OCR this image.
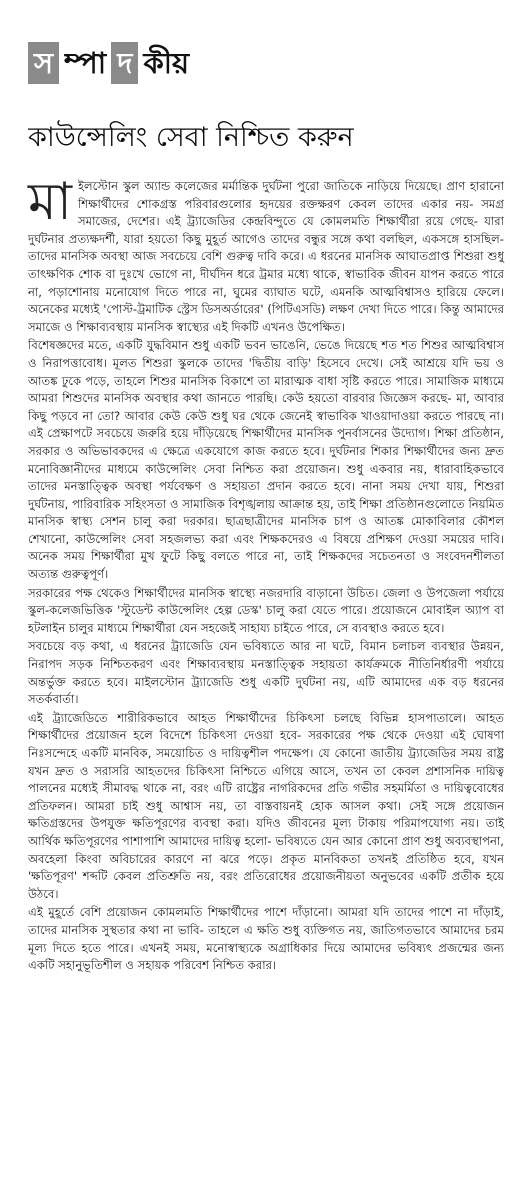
স ম্পা দ কীয়
কাউন্সেলিং সেবা নিশ্চিত করুন

মাইলস্টোন স্কুল অ্যান্ড কলেজের মর্মান্তিক দুর্ঘটনা পুরো জাতিকে নাড়িয়ে দিয়েছে। প্রাণ হারানো শিক্ষার্থীদের শোকগ্রস্ত পরিবারগুলোর হৃদয়ের রক্তক্ষরণ কেবল তাদের একার নয়- সমগ্র সমাজের, দেশের। এই ট্র্যাজেডির কেন্দ্রবিন্দুতে যে কোমলমতি শিক্ষার্থীরা রয়ে গেছে- যারা দুর্ঘটনার প্রত্যক্ষদর্শী, যারা হয়তো কিছু মুহূর্ত আগেও তাদের বন্ধুর সঙ্গে কথা বলছিল, একসঙ্গে হাসছিল- তাদের মানসিক অবস্থা আজ সবচেয়ে বেশি গুরুত্ব দাবি করে। এ ধরনের মানসিক আঘাতপ্রাপ্ত শিশুরা শুধু তাৎক্ষণিক শোক বা দুঃখে ভোগে না, দীর্ঘদিন ধরে ট্রমার মধ্যে থাকে, স্বাভাবিক জীবন যাপন করতে পারে না, পড়াশোনায় মনোযোগ দিতে পারে না, ঘুমের ব্যাঘাত ঘটে, এমনকি আত্মবিশ্বাসও হারিয়ে ফেলে। অনেকের মধ্যেই 'পোস্ট-ট্রমাটিক স্ট্রেস ডিসঅর্ডারের' (পিটিএসডি) লক্ষণ দেখা দিতে পারে। কিন্তু আমাদের সমাজে ও শিক্ষাব্যবস্থায় মানসিক স্বাস্থ্যের এই দিকটি এখনও উপেক্ষিত।

বিশেষজ্ঞদের মতে, একটি যুদ্ধবিমান শুধু একটি ভবন ভাঙেনি, ভেঙে দিয়েছে শত শত শিশুর আত্মবিশ্বাস ও নিরাপত্তাবোধ। মূলত শিশুরা স্কুলকে তাদের 'দ্বিতীয় বাড়ি' হিসেবে দেখে। সেই আশ্রয়ে যদি ভয় ও আতঙ্ক ঢুকে পড়ে, তাহলে শিশুর মানসিক বিকাশে তা মারাত্মক বাধা সৃষ্টি করতে পারে। সামাজিক মাধ্যমে আমরা শিশুদের মানসিক অবস্থার কথা জানতে পারছি। কেউ হয়তো বারবার জিজ্ঞেস করছে- মা, আবার কিছু পড়বে না তো? আবার কেউ কেউ শুধু ঘর থেকে জেনেই স্বাভাবিক খাওয়াদাওয়া করতে পারছে না। এই প্রেক্ষাপটে সবচেয়ে জরুরি হয়ে দাঁড়িয়েছে শিক্ষার্থীদের মানসিক পুনর্বাসনের উদ্যোগ। শিক্ষা প্রতিষ্ঠান, সরকার ও অভিভাবকদের এ ক্ষেত্রে একযোগে কাজ করতে হবে। দুর্ঘটনার শিকার শিক্ষার্থীদের জন্য দ্রুত মনোবিজ্ঞানীদের মাধ্যমে কাউন্সেলিং সেবা নিশ্চিত করা প্রয়োজন। শুধু একবার নয়, ধারাবাহিকভাবে তাদের মনস্তাত্ত্বিক অবস্থা পর্যবেক্ষণ ও সহায়তা প্রদান করতে হবে। নানা সময় দেখা যায়, শিশুরা দুর্ঘটনায়, পারিবারিক সহিংসতা ও সামাজিক বিশৃঙ্খলায় আক্রান্ত হয়, তাই শিক্ষা প্রতিষ্ঠানগুলোতে নিয়মিত মানসিক স্বাস্থ্য সেশন চালু করা দরকার। ছাত্রছাত্রীদের মানসিক চাপ ও আতঙ্ক মোকাবিলার কৌশল শেখানো, কাউন্সেলিং সেবা সহজলভ্য করা এবং শিক্ষকদেরও এ বিষয়ে প্রশিক্ষণ দেওয়া সময়ের দাবি। অনেক সময় শিক্ষার্থীরা মুখ ফুটে কিছু বলতে পারে না, তাই শিক্ষকদের সচেতনতা ও সংবেদনশীলতা অত্যন্ত গুরুত্বপূর্ণ।

সরকারের পক্ষ থেকেও শিক্ষার্থীদের মানসিক স্বাস্থ্যে নজরদারি বাড়ানো উচিত। জেলা ও উপজেলা পর্যায়ে স্কুল-কলেজভিত্তিক 'স্টুডেন্ট কাউন্সেলিং হেল্প ডেস্ক' চালু করা যেতে পারে। প্রয়োজনে মোবাইল অ্যাপ বা হটলাইন চালুর মাধ্যমে শিক্ষার্থীরা যেন সহজেই সাহায্য চাইতে পারে, সে ব্যবস্থাও করতে হবে।

সবচেয়ে বড় কথা, এ ধরনের ট্র্যাজেডি যেন ভবিষ্যতে আর না ঘটে, বিমান চলাচল ব্যবস্থার উন্নয়ন, নিরাপদ সড়ক নিশ্চিতকরণ এবং শিক্ষাব্যবস্থায় মনস্তাত্ত্বিক সহায়তা কার্যক্রমকে নীতিনির্ধারণী পর্যায়ে অন্তর্ভুক্ত করতে হবে। মাইলস্টোন ট্র্যাজেডি শুধু একটি দুর্ঘটনা নয়, এটি আমাদের এক বড় ধরনের সতর্কবার্তা।

এই ট্র্যাজেডিতে শারীরিকভাবে আহত শিক্ষার্থীদের চিকিৎসা চলছে বিভিন্ন হাসপাতালে। আহত শিক্ষার্থীদের প্রয়োজন হলে বিদেশে চিকিৎসা দেওয়া হবে- সরকারের পক্ষ থেকে দেওয়া এই ঘোষণা নিঃসন্দেহে একটি মানবিক, সময়োচিত ও দায়িত্বশীল পদক্ষেপ। যে কোনো জাতীয় ট্র্যাজেডির সময় রাষ্ট্র যখন দ্রুত ও সরাসরি আহতদের চিকিৎসা নিশ্চিতে এগিয়ে আসে, তখন তা কেবল প্রশাসনিক দায়িত্ব পালনের মধ্যেই সীমাবদ্ধ থাকে না, বরং এটি রাষ্ট্রের নাগরিকদের প্রতি গভীর সহমর্মিতা ও দায়িত্ববোধের প্রতিফলন। আমরা চাই শুধু আশ্বাস নয়, তা বাস্তবায়নই হোক আসল কথা। সেই সঙ্গে প্রয়োজন ক্ষতিগ্রস্তদের উপযুক্ত ক্ষতিপূরণের ব্যবস্থা করা। যদিও জীবনের মূল্য টাকায় পরিমাপযোগ্য নয়। তাই আর্থিক ক্ষতিপূরণের পাশাপাশি আমাদের দায়িত্ব হলো- ভবিষ্যতে যেন আর কোনো প্রাণ শুধু অব্যবস্থাপনা, অবহেলা কিংবা অবিচারের কারণে না ঝরে পড়ে। প্রকৃত মানবিকতা তখনই প্রতিষ্ঠিত হবে, যখন 'ক্ষতিপূরণ' শব্দটি কেবল প্রতিশ্রুতি নয়, বরং প্রতিরোধের প্রয়োজনীয়তা অনুভবের একটি প্রতীক হয়ে উঠবে।

এই মুহূর্তে বেশি প্রয়োজন কোমলমতি শিক্ষার্থীদের পাশে দাঁড়ানো। আমরা যদি তাদের পাশে না দাঁড়াই, তাদের মানসিক সুস্থতার কথা না ভাবি- তাহলে এ ক্ষতি শুধু ব্যক্তিগত নয়, জাতিগতভাবে আমাদের চরম মূল্য দিতে হতে পারে। এখনই সময়, মনোস্বাস্থ্যকে অগ্রাধিকার দিয়ে আমাদের ভবিষ্যৎ প্রজন্মের জন্য একটি সহানুভূতিশীল ও সহায়ক পরিবেশ নিশ্চিত করার।
